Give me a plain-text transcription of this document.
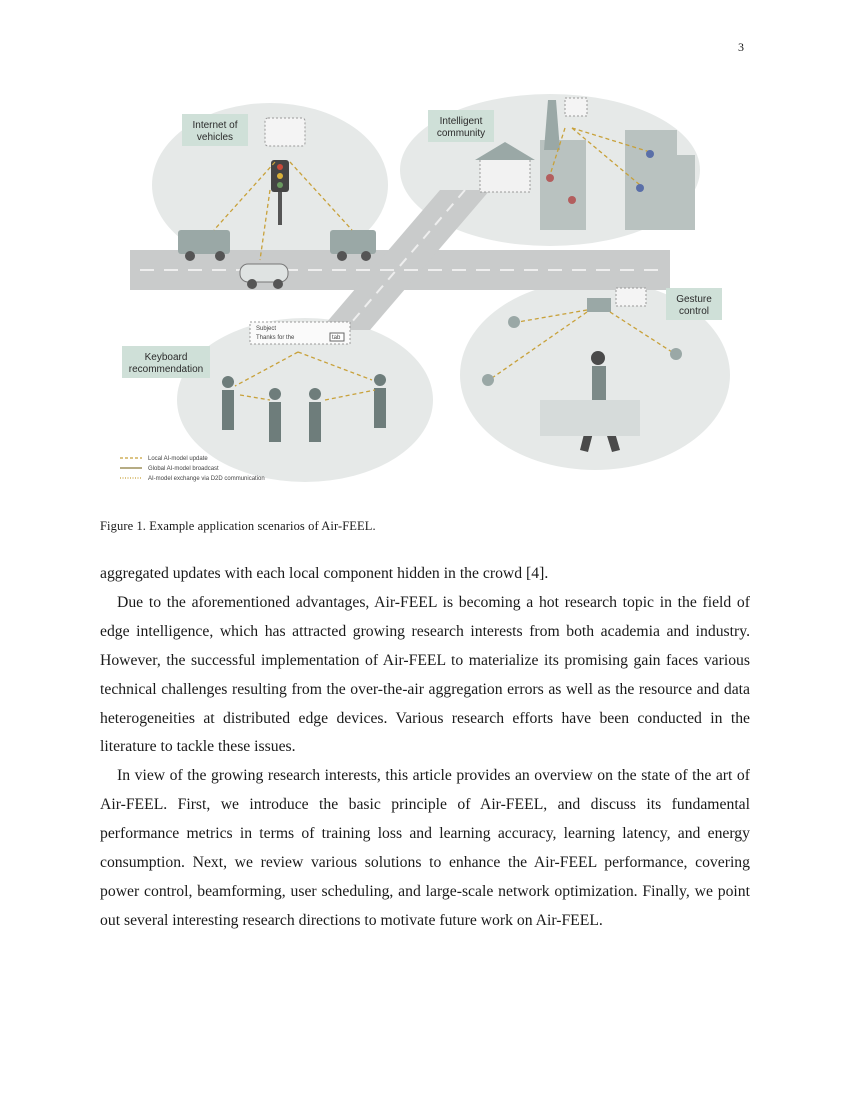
3
Internet of
vehicles
Intelligent
community
Subject
Thanks for the	tab
Keyboard
recommendation
Gesture
control
Local AI-model update
Global AI-model broadcast
AI-model exchange via D2D communication
Figure 1. Example application scenarios of Air-FEEL.

aggregated updates with each local component hidden in the crowd [4].

Due to the aforementioned advantages, Air-FEEL is becoming a hot research topic in the field of edge intelligence, which has attracted growing research interests from both academia and industry. However, the successful implementation of Air-FEEL to materialize its promising gain faces various technical challenges resulting from the over-the-air aggregation errors as well as the resource and data heterogeneities at distributed edge devices. Various research efforts have been conducted in the literature to tackle these issues.

In view of the growing research interests, this article provides an overview on the state of the art of Air-FEEL. First, we introduce the basic principle of Air-FEEL, and discuss its fundamental performance metrics in terms of training loss and learning accuracy, learning latency, and energy consumption. Next, we review various solutions to enhance the Air-FEEL performance, covering power control, beamforming, user scheduling, and large-scale network optimization. Finally, we point out several interesting research directions to motivate future work on Air-FEEL.
